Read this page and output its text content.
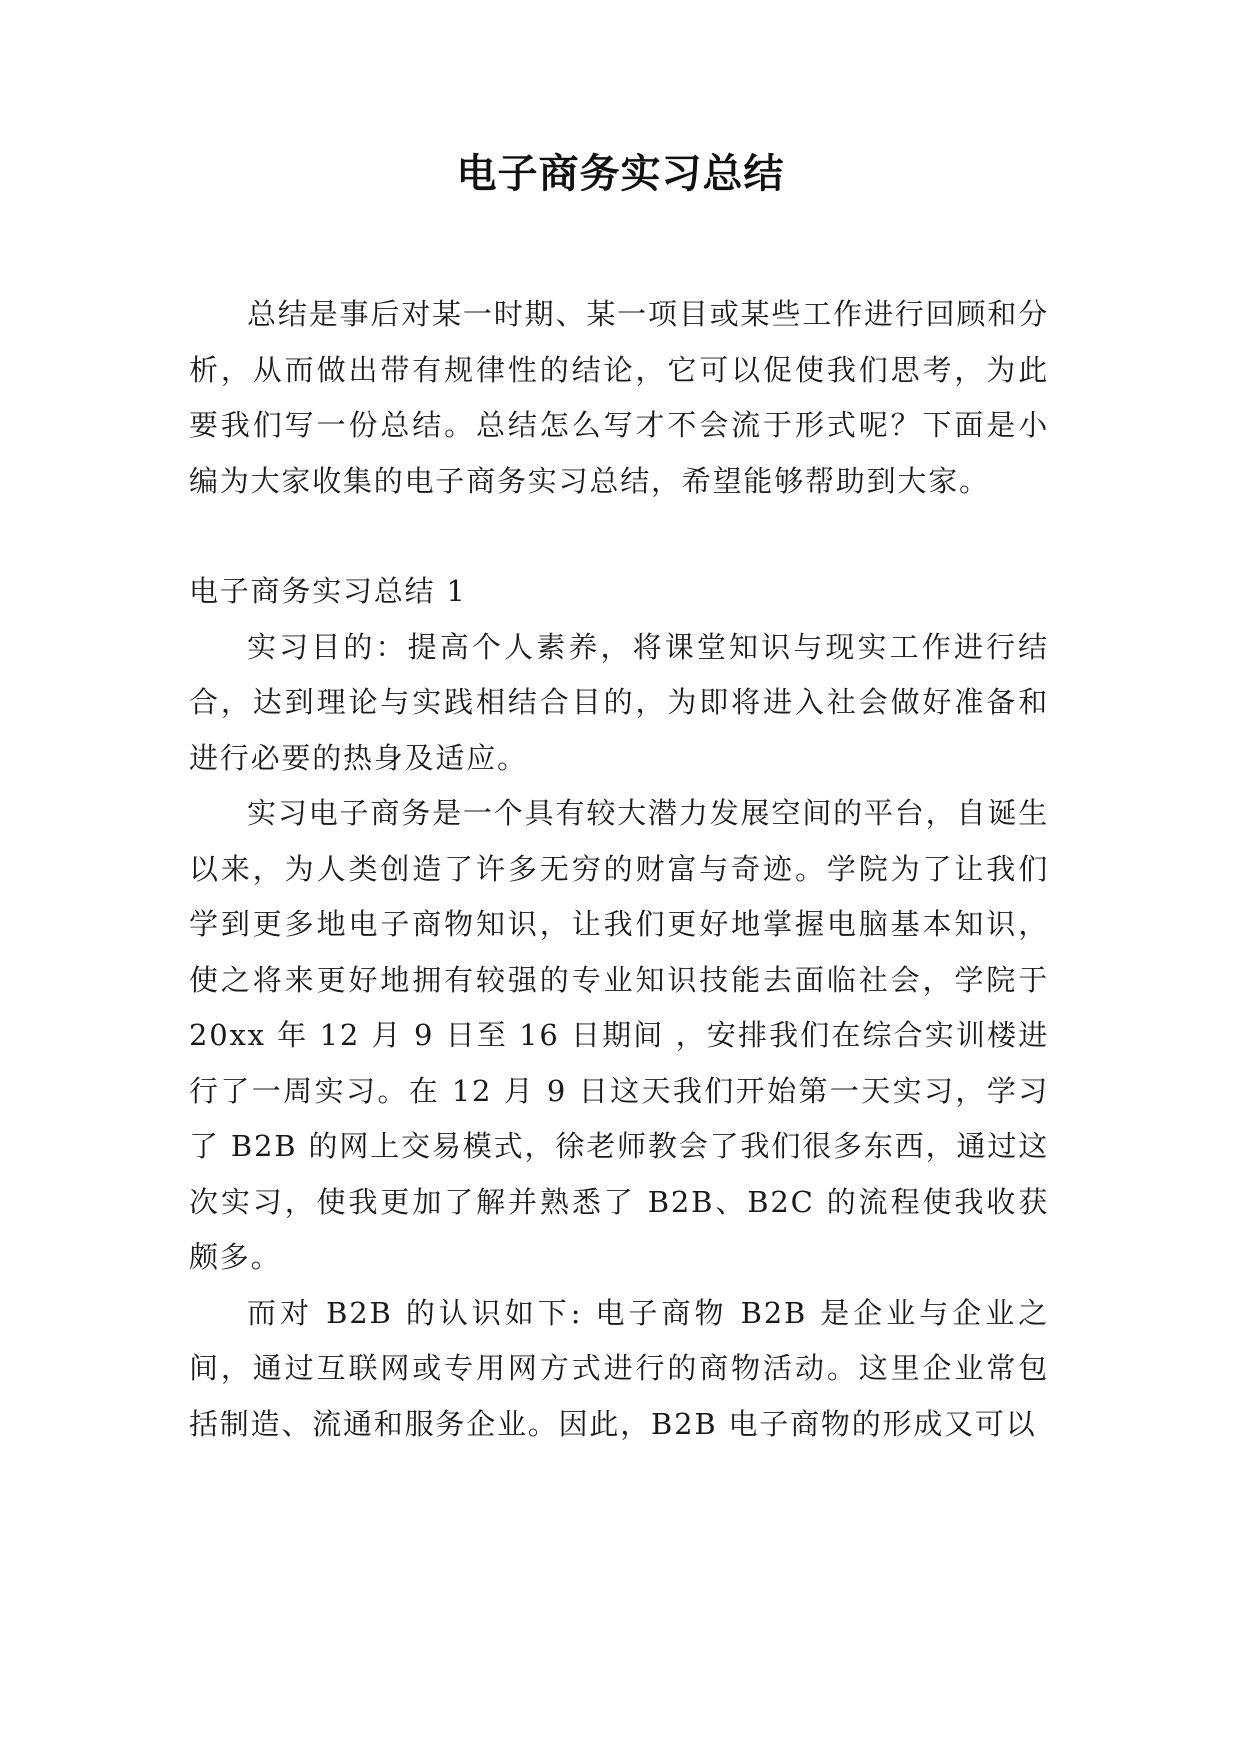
电子商务实习总结

总结是事后对某一时期、某一项目或某些工作进行回顾和分析，从而做出带有规律性的结论，它可以促使我们思考，为此要我们写一份总结。总结怎么写才不会流于形式呢？下面是小编为大家收集的电子商务实习总结，希望能够帮助到大家。

电子商务实习总结 1

实习目的：提高个人素养，将课堂知识与现实工作进行结合，达到理论与实践相结合目的，为即将进入社会做好准备和进行必要的热身及适应。

实习电子商务是一个具有较大潜力发展空间的平台，自诞生以来，为人类创造了许多无穷的财富与奇迹。学院为了让我们学到更多地电子商物知识，让我们更好地掌握电脑基本知识，使之将来更好地拥有较强的专业知识技能去面临社会，学院于 20xx 年 12 月 9 日至 16 日期间 ，安排我们在综合实训楼进行了一周实习。在 12 月 9 日这天我们开始第一天实习，学习了 B2B 的网上交易模式，徐老师教会了我们很多东西，通过这次实习，使我更加了解并熟悉了 B2B、B2C 的流程使我收获颇多。

而对 B2B 的认识如下: 电子商物 B2B 是企业与企业之间，通过互联网或专用网方式进行的商物活动。这里企业常包括制造、流通和服务企业。因此，B2B 电子商物的形成又可以
